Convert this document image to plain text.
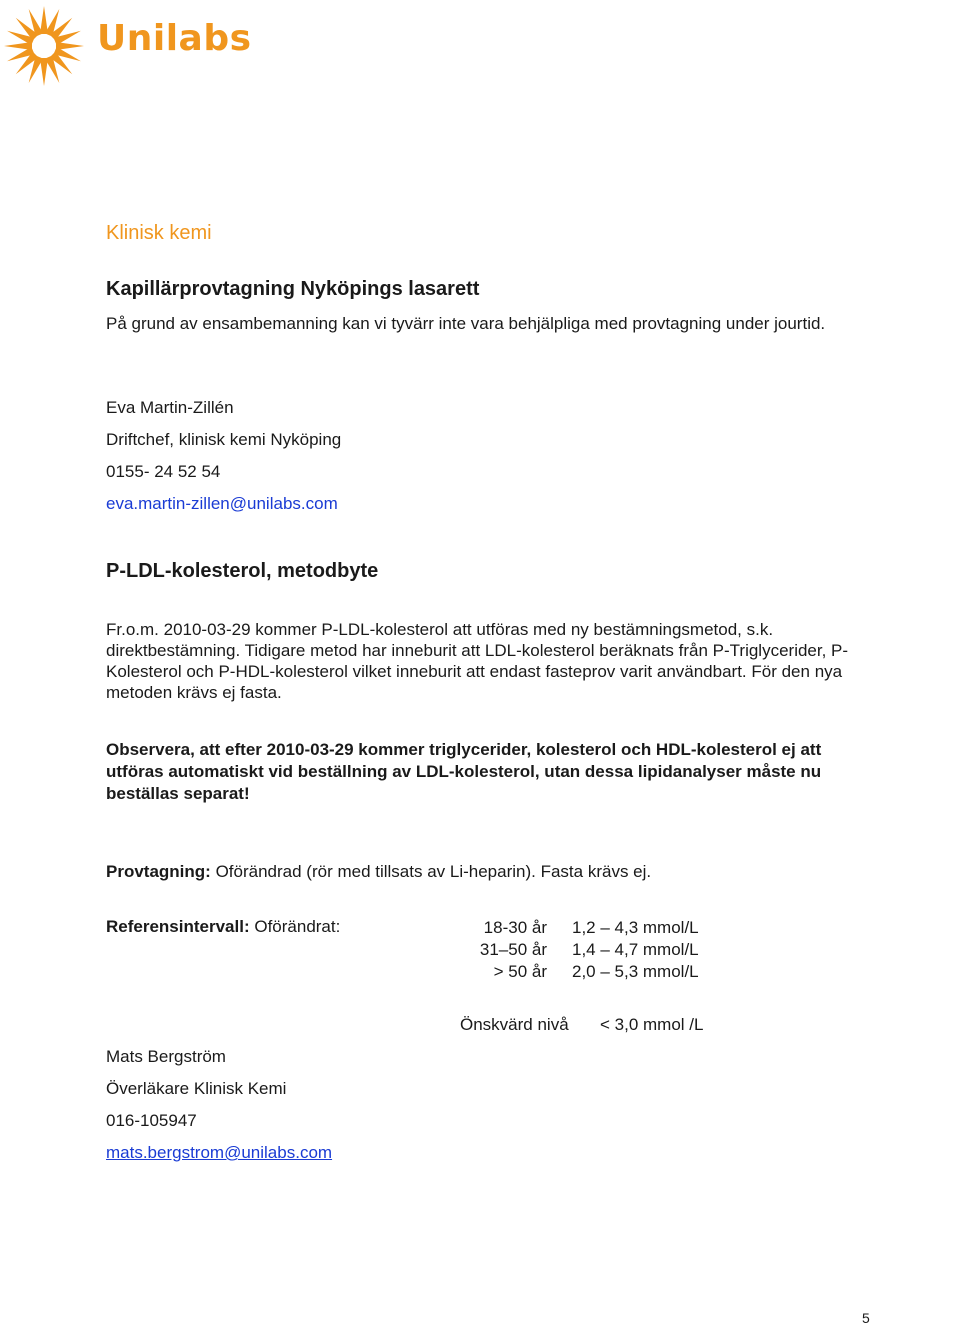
Unilabs
Klinisk kemi
Kapillärprovtagning Nyköpings lasarett
På grund av ensambemanning kan vi tyvärr inte vara behjälpliga med provtagning under jourtid.
Eva Martin-Zillén
Driftchef, klinisk kemi Nyköping
0155- 24 52 54
eva.martin-zillen@unilabs.com
P-LDL-kolesterol, metodbyte
Fr.o.m. 2010-03-29 kommer P-LDL-kolesterol att utföras med ny bestämningsmetod, s.k. direktbestämning. Tidigare metod har inneburit att LDL-kolesterol beräknats från P-Triglycerider, P-Kolesterol och P-HDL-kolesterol vilket inneburit att endast fasteprov varit användbart. För den nya metoden krävs ej fasta.
Observera, att efter 2010-03-29 kommer triglycerider, kolesterol och HDL-kolesterol ej att utföras automatiskt vid beställning av LDL-kolesterol, utan dessa lipidanalyser måste nu beställas separat!
Provtagning: Oförändrad (rör med tillsats av Li-heparin). Fasta krävs ej.
Referensintervall: Oförändrat:	18-30 år 1,2 – 4,3 mmol/L
31–50 år 1,4 – 4,7 mmol/L
> 50 år 2,0 – 5,3 mmol/L
Önskvärd nivå < 3,0 mmol /L
Mats Bergström
Överläkare Klinisk Kemi
016-105947
mats.bergstrom@unilabs.com
5
